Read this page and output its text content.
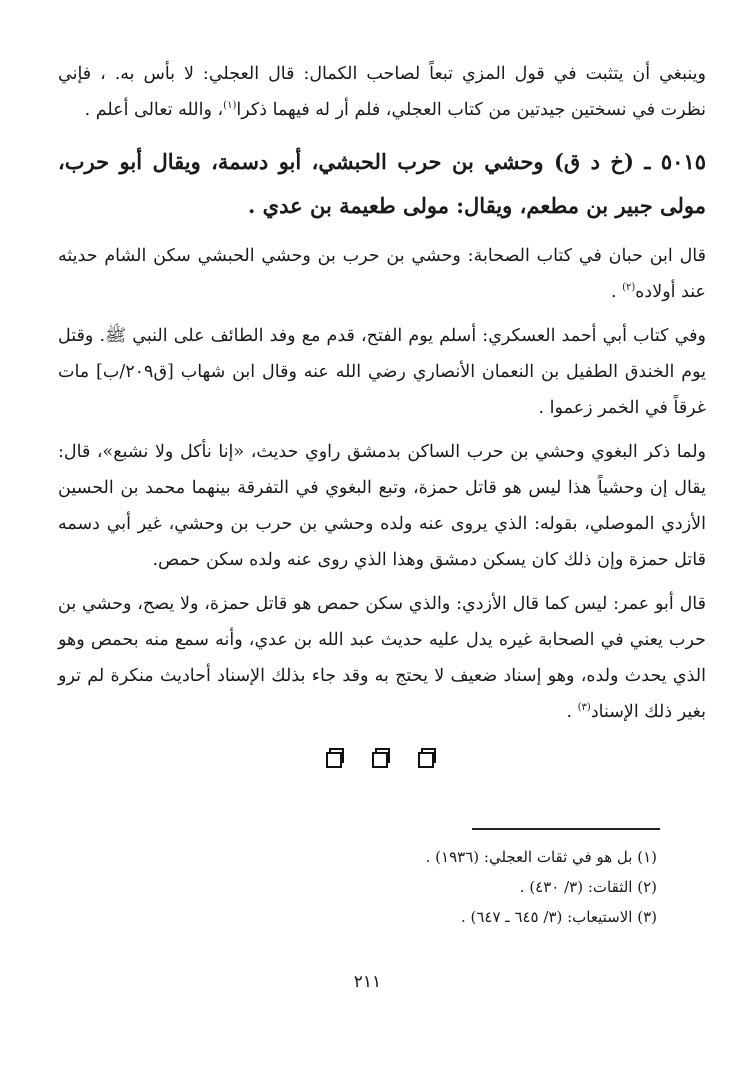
وينبغي أن يتثبت في قول المزي تبعاً لصاحب الكمال: قال العجلي: لا بأس به. ، فإني نظرت في نسختين جيدتين من كتاب العجلي، فلم أر له فيهما ذكرا$^{(١)}$، والله تعالى أعلم .

٥٠١٥ ـ (خ د ق) وحشي بن حرب الحبشي، أبو دسمة، ويقال أبو حرب، مولى جبير بن مطعم، ويقال: مولى طعيمة بن عدي .

قال ابن حبان في كتاب الصحابة: وحشي بن حرب بن وحشي الحبشي سكن الشام حديثه عند أولاده$^{(٢)}$ .

وفي كتاب أبي أحمد العسكري: أسلم يوم الفتح، قدم مع وفد الطائف على النبي ﷺ. وقتل يوم الخندق الطفيل بن النعمان الأنصاري رضي الله عنه وقال ابن شهاب [ق٢٠٩/ب] مات غرقاً في الخمر زعموا .

ولما ذكر البغوي وحشي بن حرب الساكن بدمشق راوي حديث، «إنا نأكل ولا نشبع»، قال: يقال إن وحشياً هذا ليس هو قاتل حمزة، وتبع البغوي في التفرقة بينهما محمد بن الحسين الأزدي الموصلي، بقوله: الذي يروى عنه ولده وحشي بن حرب بن وحشي، غير أبي دسمه قاتل حمزة وإن ذلك كان يسكن دمشق وهذا الذي روى عنه ولده سكن حمص.

قال أبو عمر: ليس كما قال الأزدي: والذي سكن حمص هو قاتل حمزة، ولا يصح، وحشي بن حرب يعني في الصحابة غيره يدل عليه حديث عبد الله بن عدي، وأنه سمع منه بحمص وهو الذي يحدث ولده، وهو إسناد ضعيف لا يحتج به وقد جاء بذلك الإسناد أحاديث منكرة لم ترو بغير ذلك الإسناد$^{(٣)}$ .

(١) بل هو في ثقات العجلي: (١٩٣٦) .

(٢) الثقات: (٣/ ٤٣٠) .

(٣) الاستيعاب: (٣/ ٦٤٥ ـ ٦٤٧) .

٢١١
